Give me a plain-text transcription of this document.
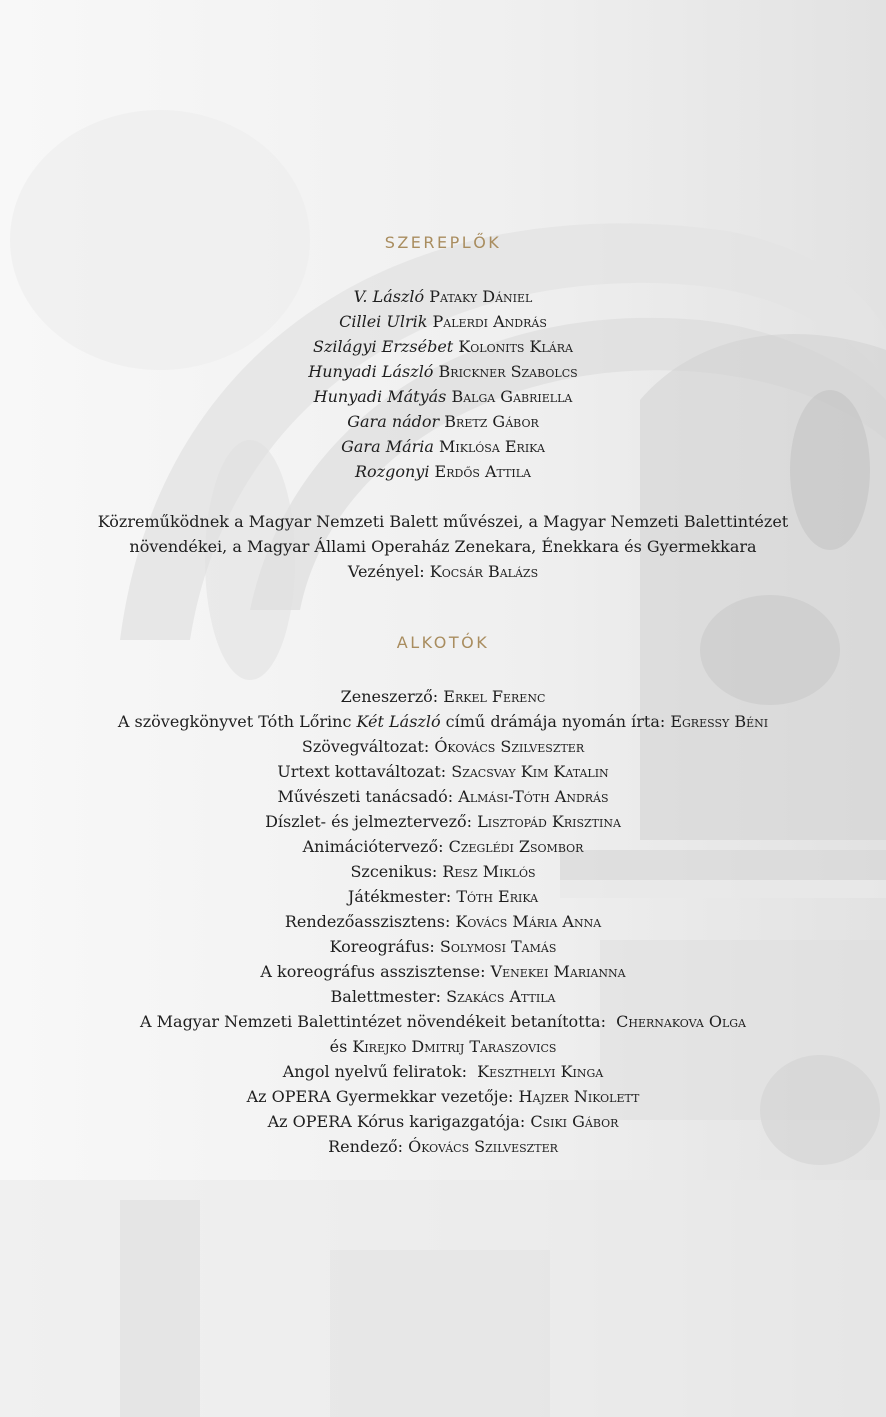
SZEREPLŐK
V. László Pataky Dániel
Cillei Ulrik Palerdi András
Szilágyi Erzsébet Kolonits Klára
Hunyadi László Brickner Szabolcs
Hunyadi Mátyás Balga Gabriella
Gara nádor Bretz Gábor
Gara Mária Miklósa Erika
Rozgonyi Erdős Attila
Közreműködnek a Magyar Nemzeti Balett művészei, a Magyar Nemzeti Balettintézet
növendékei, a Magyar Állami Operaház Zenekara, Énekkara és Gyermekkara
Vezényel: Kocsár Balázs
ALKOTÓK
Zeneszerző: Erkel Ferenc
A szövegkönyvet Tóth Lőrinc Két László című drámája nyomán írta: Egressy Béni
Szövegváltozat: Ókovács Szilveszter
Urtext kottaváltozat: Szacsvay Kim Katalin
Művészeti tanácsadó: Almási-Tóth András
Díszlet- és jelmeztervező: Lisztopád Krisztina
Animációtervező: Czeglédi Zsombor
Szcenikus: Resz Miklós
Játékmester: Tóth Erika
Rendezőasszisztens: Kovács Mária Anna
Koreográfus: Solymosi Tamás
A koreográfus asszisztense: Venekei Marianna
Balettmester: Szakács Attila
A Magyar Nemzeti Balettintézet növendékeit betanította: Chernakova Olga
és Kirejko Dmitrij Taraszovics
Angol nyelvű feliratok: Keszthelyi Kinga
Az OPERA Gyermekkar vezetője: Hajzer Nikolett
Az OPERA Kórus karigazgatója: Csiki Gábor
Rendező: Ókovács Szilveszter
